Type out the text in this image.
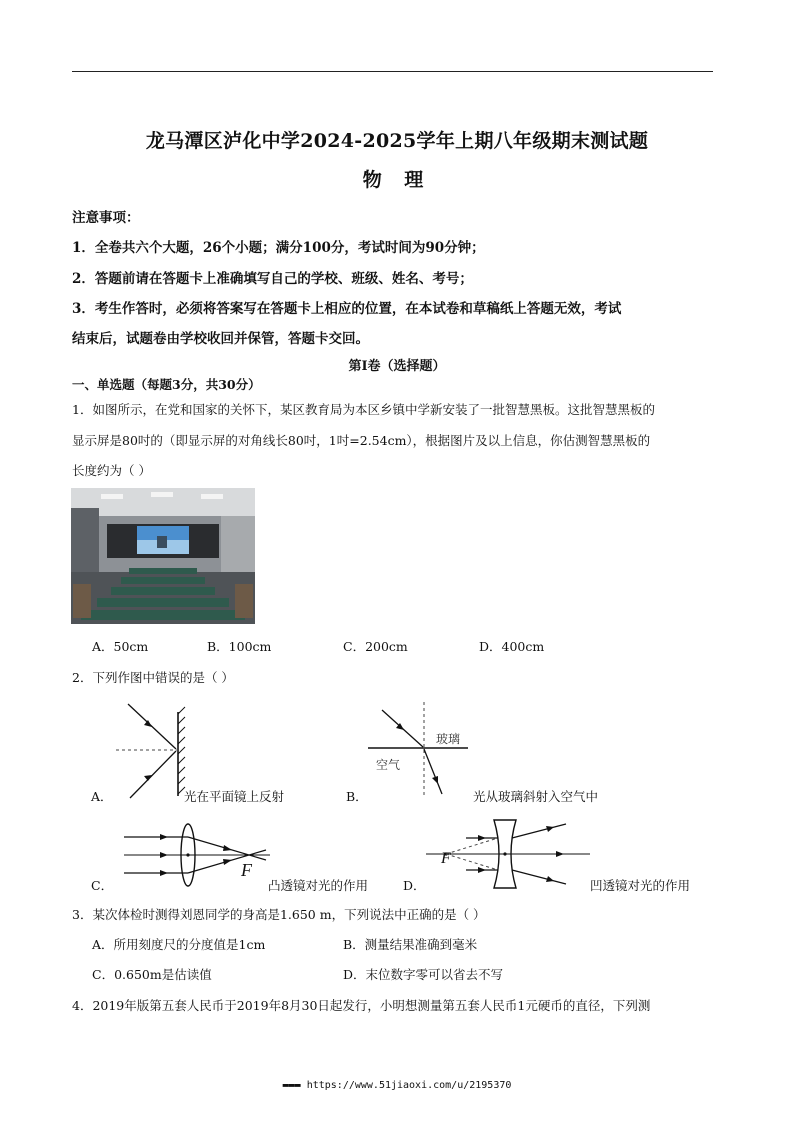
龙马潭区泸化中学2024-2025学年上期八年级期末测试题
物 理
注意事项：
1．全卷共六个大题，26个小题；满分100分，考试时间为90分钟；
2．答题前请在答题卡上准确填写自己的学校、班级、姓名、考号；
3．考生作答时，必须将答案写在答题卡上相应的位置，在本试卷和草稿纸上答题无效，考试
结束后，试题卷由学校收回并保管，答题卡交回。
第Ⅰ卷（选择题）
一、单选题（每题3分，共30分）
1．如图所示，在党和国家的关怀下，某区教育局为本区乡镇中学新安装了一批智慧黑板。这批智慧黑板的
显示屏是80吋的（即显示屏的对角线长80吋，1吋=2.54cm），根据图片及以上信息，你估测智慧黑板的
长度约为（ ）
A．50cm	B．100cm	C．200cm	D．400cm
2．下列作图中错误的是（ ）
A．	光在平面镜上反射
玻璃
空气
B．	光从玻璃斜射入空气中
F
C．	凸透镜对光的作用
F
D．	凹透镜对光的作用
3．某次体检时测得刘恩同学的身高是1.650 m，下列说法中正确的是（ ）
A．所用刻度尺的分度值是1cm	B．测量结果准确到毫米
C．0.650m是估读值	D．末位数字零可以省去不写
4．2019年版第五套人民币于2019年8月30日起发行，小明想测量第五套人民币1元硬币的直径，下列测
▬▬▬ https://www.51jiaoxi.com/u/2195370
